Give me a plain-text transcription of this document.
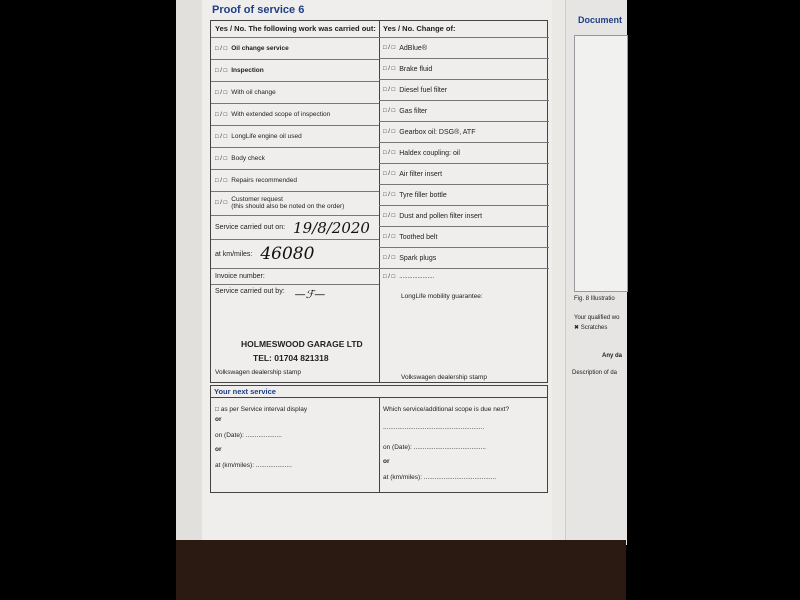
Document
Fig. 8 Illustratio
Your qualified wo
✖ Scratches
Any da
Description of da
Proof of service 6
Yes / No. The following work was carried out: Yes / No. Change of:
□ / □ Oil change service
□ / □ Inspection
□ / □ With oil change
□ / □ With extended scope of inspection
□ / □ LongLife engine oil used
□ / □ Body check
□ / □ Repairs recommended
□ / □ Customer request
(this should also be noted on the order)
□ / □ AdBlue®
□ / □ Brake fluid
□ / □ Diesel fuel filter
□ / □ Gas filter
□ / □ Gearbox oil: DSG®, ATF
□ / □ Haldex coupling: oil
□ / □ Air filter insert
□ / □ Tyre filler bottle
□ / □ Dust and pollen filter insert
□ / □ Toothed belt
□ / □ Spark plugs
Service carried out on: 19/8/2020
at km/miles: 46080
Invoice number:
Service carried out by: —ℱ—
HOLMESWOOD GARAGE LTD
TEL: 01704 821318
Volkswagen dealership stamp
□ / □ .....................
LongLife mobility guarantee:
Volkswagen dealership stamp
Your next service
□ as per Service interval display
or
on (Date): ....................
or
at (km/miles): ....................
Which service/additional scope is due next?
........................................................
on (Date): ........................................
or
at (km/miles): ........................................
